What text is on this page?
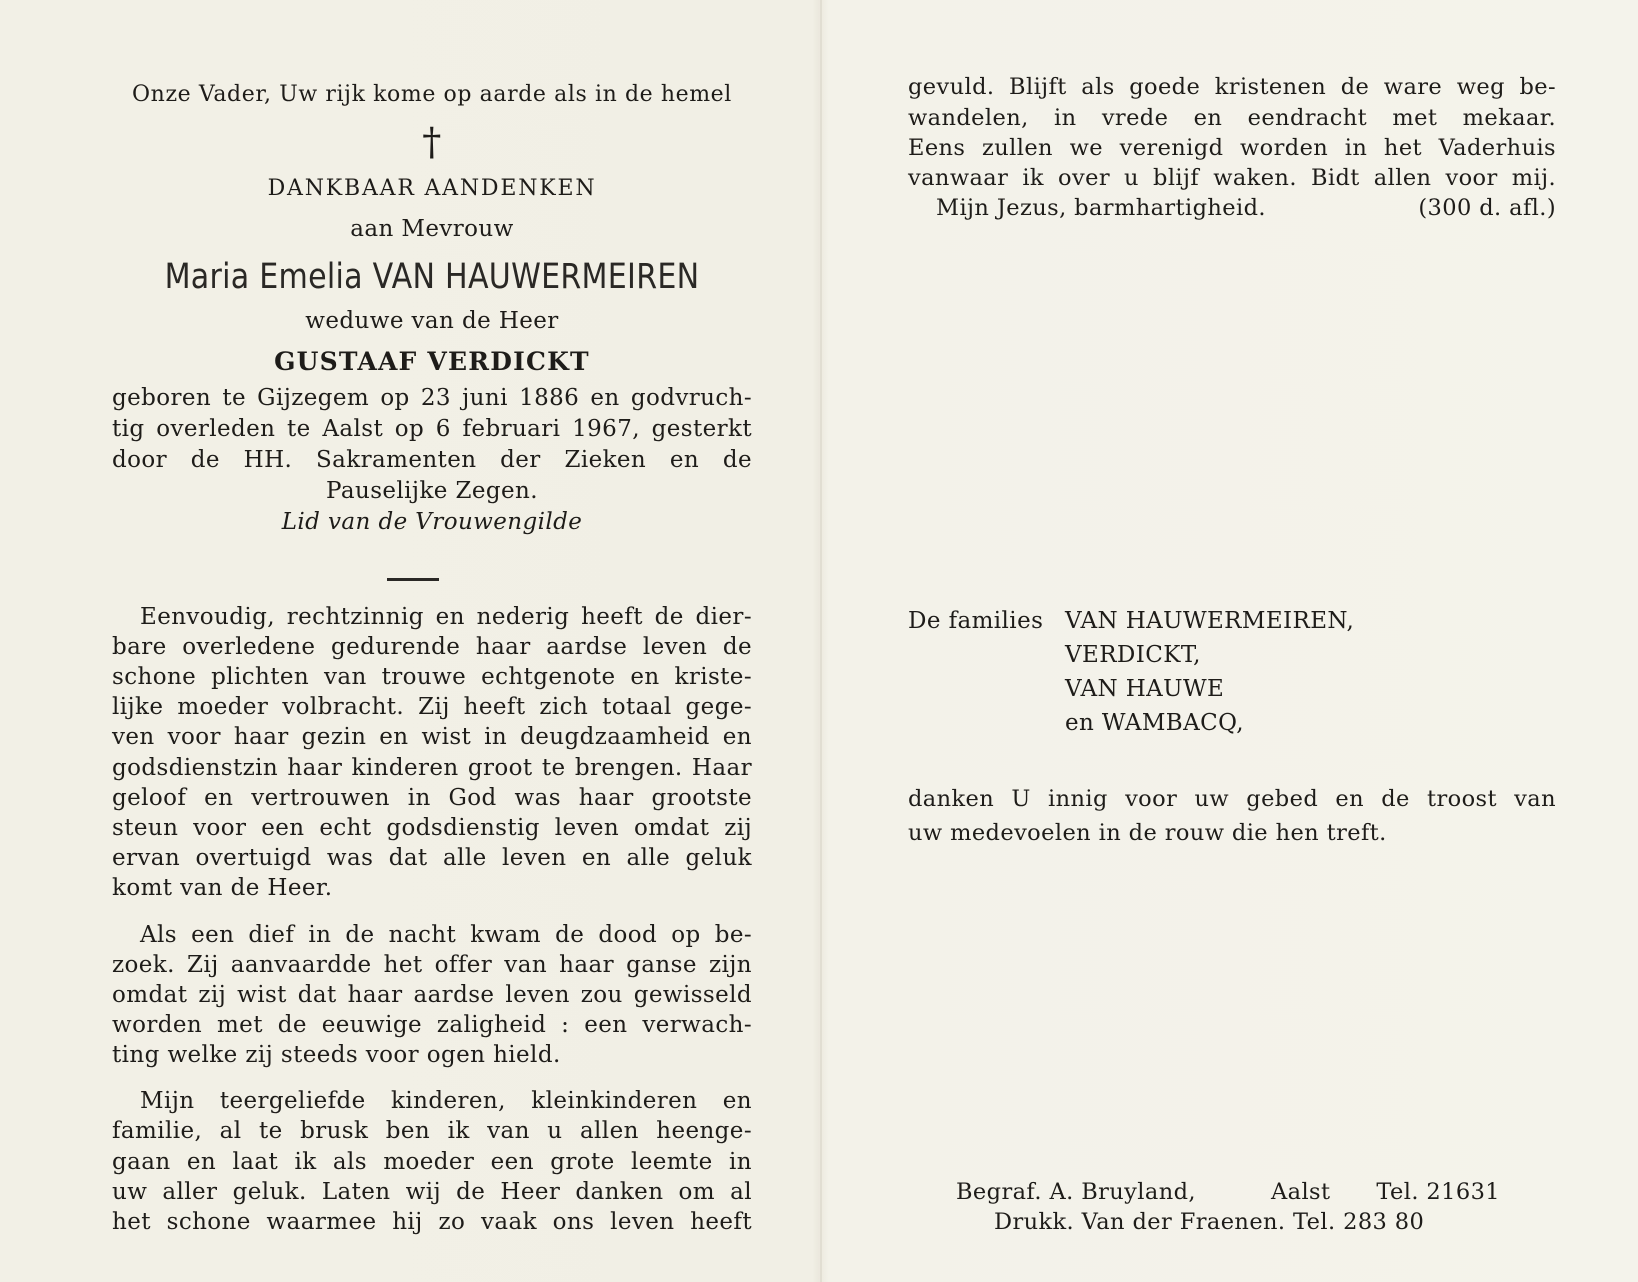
Onze Vader, Uw rijk kome op aarde als in de hemel
†
DANKBAAR AANDENKEN
aan Mevrouw
Maria Emelia VAN HAUWERMEIREN
weduwe van de Heer
GUSTAAF VERDICKT
geboren te Gijzegem op 23 juni 1886 en godvruch-
tig overleden te Aalst op 6 februari 1967, gesterkt
door de HH. Sakramenten der Zieken en de
Pauselijke Zegen.
Lid van de Vrouwengilde
Eenvoudig, rechtzinnig en nederig heeft de dier-
bare overledene gedurende haar aardse leven de
schone plichten van trouwe echtgenote en kriste-
lijke moeder volbracht. Zij heeft zich totaal gege-
ven voor haar gezin en wist in deugdzaamheid en
godsdienstzin haar kinderen groot te brengen. Haar
geloof en vertrouwen in God was haar grootste
steun voor een echt godsdienstig leven omdat zij
ervan overtuigd was dat alle leven en alle geluk
komt van de Heer.
Als een dief in de nacht kwam de dood op be-
zoek. Zij aanvaardde het offer van haar ganse zijn
omdat zij wist dat haar aardse leven zou gewisseld
worden met de eeuwige zaligheid : een verwach-
ting welke zij steeds voor ogen hield.
Mijn teergeliefde kinderen, kleinkinderen en
familie, al te brusk ben ik van u allen heenge-
gaan en laat ik als moeder een grote leemte in
uw aller geluk. Laten wij de Heer danken om al
het schone waarmee hij zo vaak ons leven heeft
gevuld. Blijft als goede kristenen de ware weg be-
wandelen, in vrede en eendracht met mekaar.
Eens zullen we verenigd worden in het Vaderhuis
vanwaar ik over u blijf waken. Bidt allen voor mij.
Mijn Jezus, barmhartigheid.	(300 d. afl.)
De families VAN HAUWERMEIREN,
VERDICKT,
VAN HAUWE
en WAMBACQ,
danken U innig voor uw gebed en de troost van
uw medevoelen in de rouw die hen treft.
Begraf. A. Bruyland,	Aalst Tel. 21631
Drukk. Van der Fraenen. Tel. 283 80
